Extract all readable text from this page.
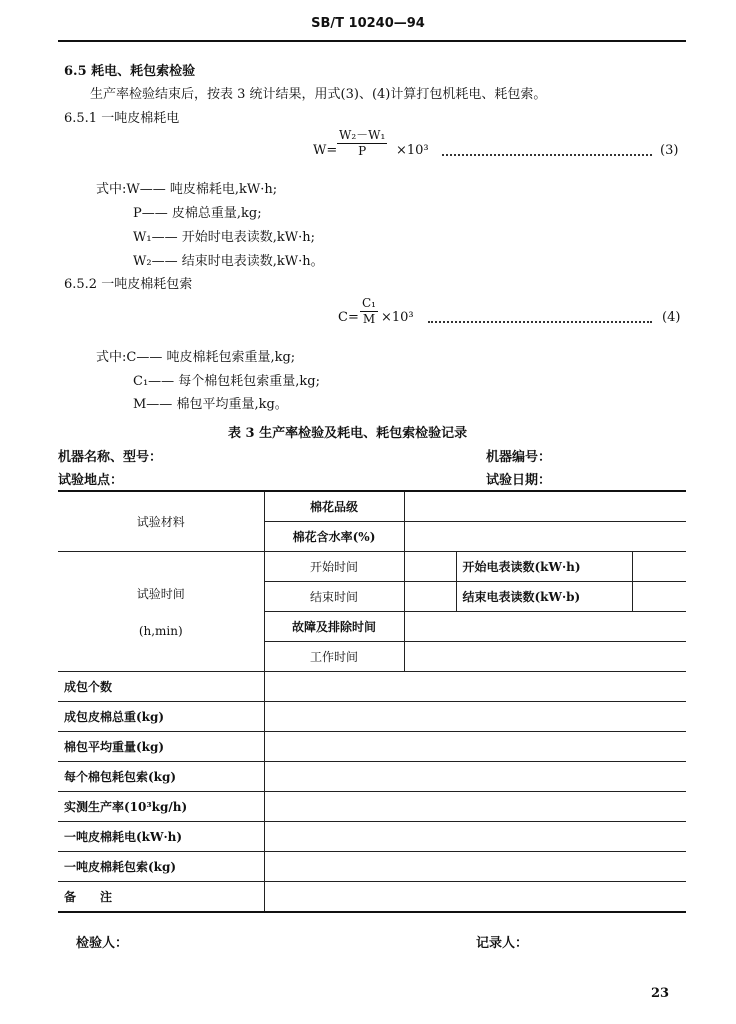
SB/T 10240—94
6.5 耗电、耗包索检验
生产率检验结束后，按表 3 统计结果，用式(3)、(4)计算打包机耗电、耗包索。
6.5.1 一吨皮棉耗电
$W= \frac{\text{W₂－W₁}}{P} \times 10^3$	(3)
式中:W—— 吨皮棉耗电,kW·h;
P—— 皮棉总重量,kg;
W₁—— 开始时电表读数,kW·h;
W₂—— 结束时电表读数,kW·h。
6.5.2 一吨皮棉耗包索
$C= \frac{\text{C₁}}{M} \times 10^3$	(4)
式中:C—— 吨皮棉耗包索重量,kg;
C₁—— 每个棉包耗包索重量,kg;
M—— 棉包平均重量,kg。
表 3 生产率检验及耗电、耗包索检验记录
机器名称、型号：	机器编号：
试验地点：	试验日期：
试验材料	棉花品级			
	棉花含水率(%)			

试验时间
(h,min)	开始时间		开始电表读数(kW·h)	
	结束时间		结束电表读数(kW·b)	
	故障及排除时间			
	工作时间			
成包个数				
成包皮棉总重(kg)				
棉包平均重量(kg)				
每个棉包耗包索(kg)				
实测生产率(10³kg/h)				
一吨皮棉耗电(kW·h)				
一吨皮棉耗包索(kg)				
备　　注				
检验人：	记录人：
23
